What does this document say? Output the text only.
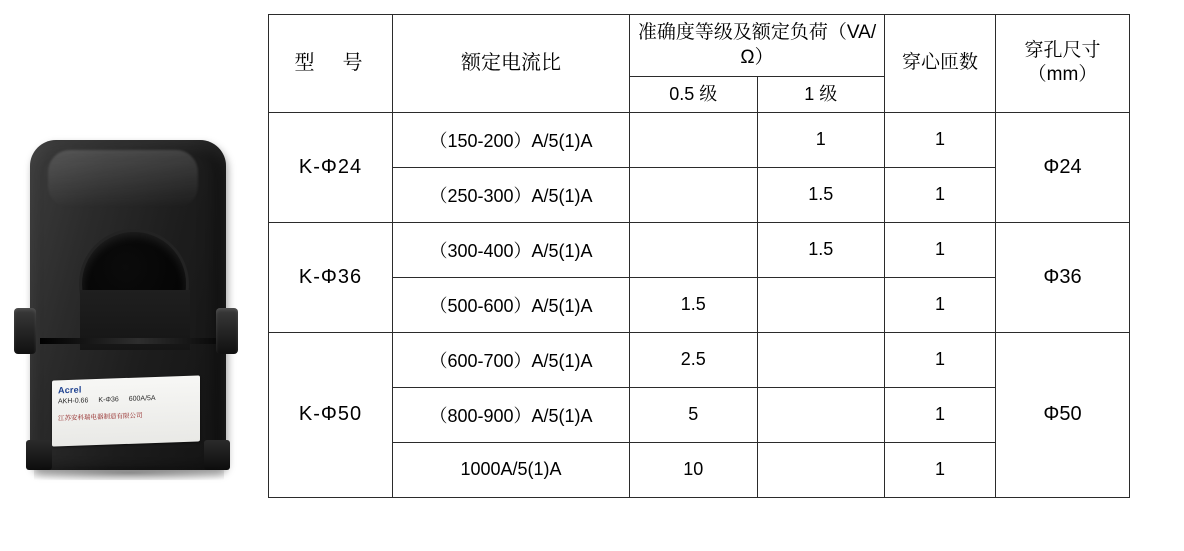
Acrel
AKH-0.66 K-Φ36 600A/5A
江苏安科瑞电器制造有限公司
型　号	额定电流比	准确度等级及额定负荷（VA/Ω）		穿心匝数	穿孔尺寸（mm）
		0.5 级	1 级		
K-Φ24	（150-200）A/5(1)A		1	1	Φ24
	（250-300）A/5(1)A		1.5	1	
K-Φ36	（300-400）A/5(1)A		1.5	1	Φ36
	（500-600）A/5(1)A	1.5		1	
K-Φ50	（600-700）A/5(1)A	2.5		1	Φ50
	（800-900）A/5(1)A	5		1	
	1000A/5(1)A	10		1	
